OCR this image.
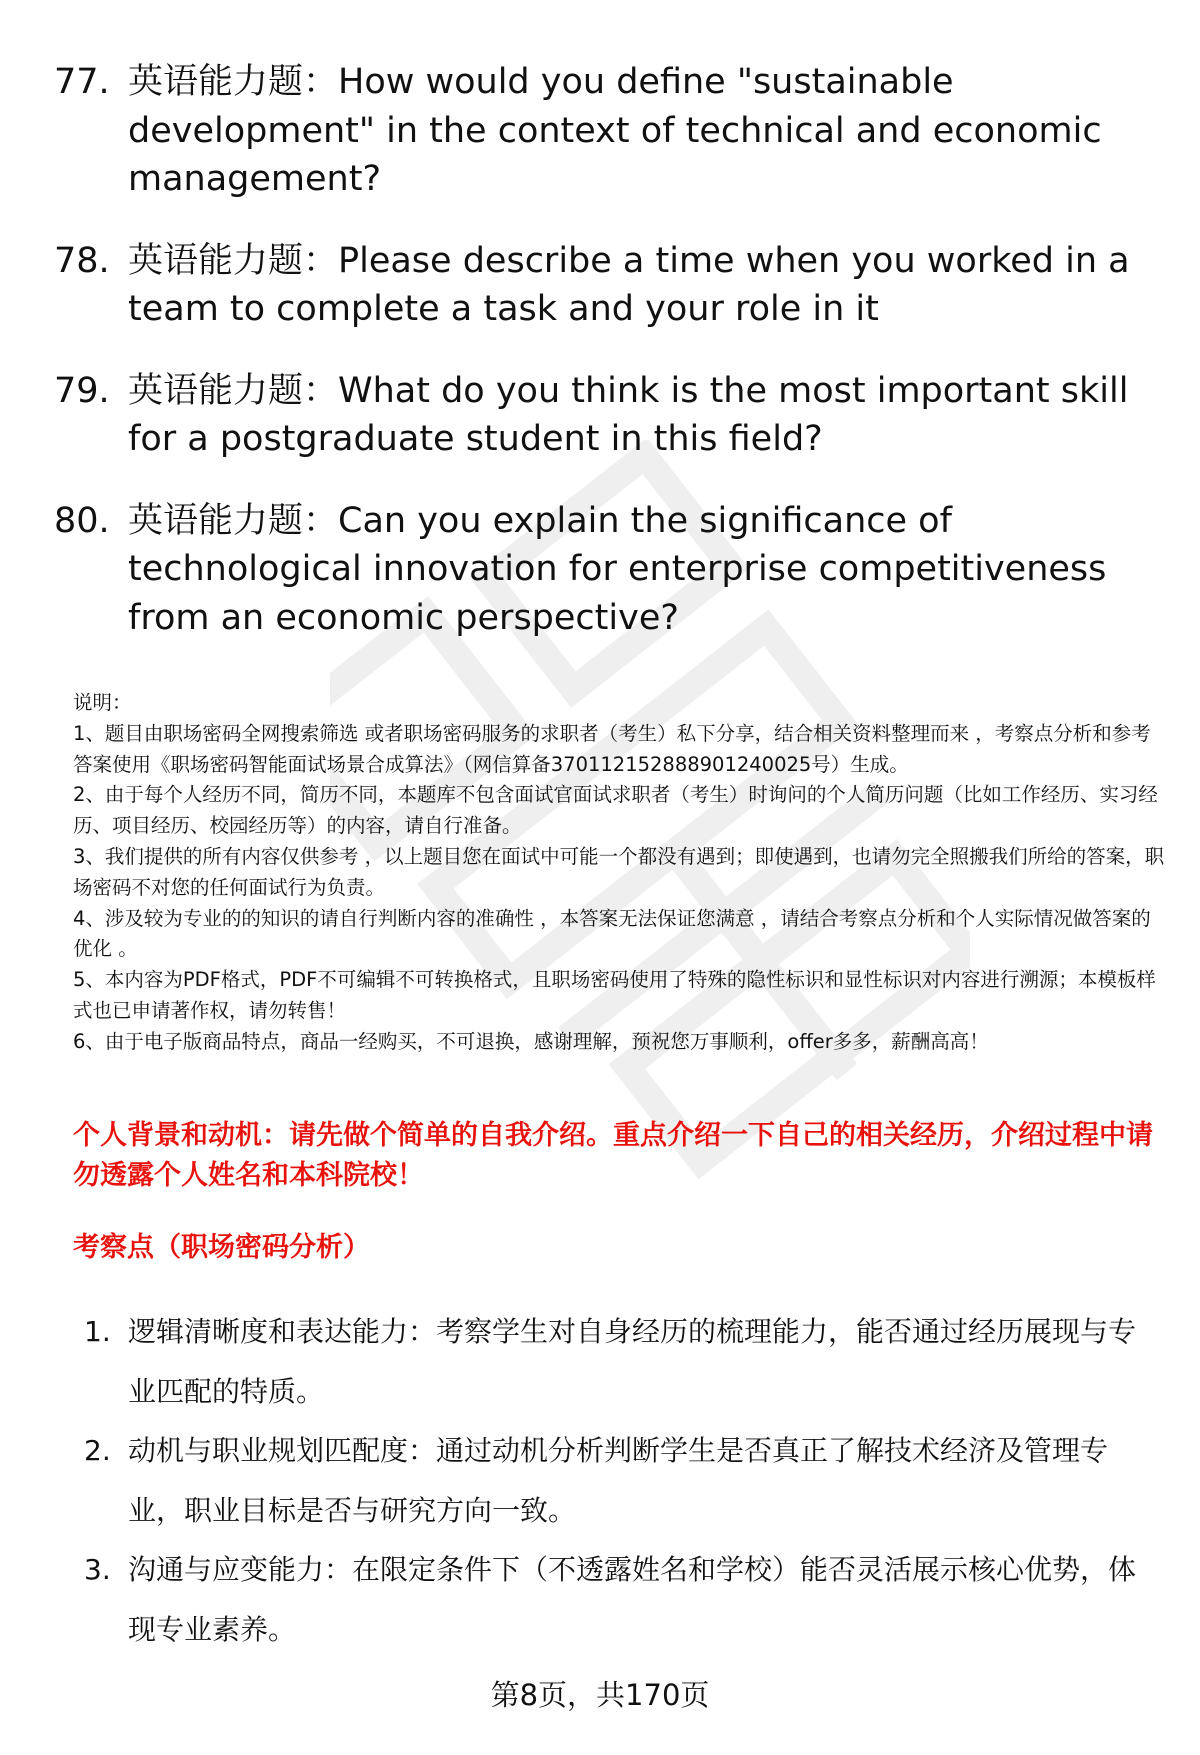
77. 英语能力题：How would you define "sustainable development" in the context of technical and economic management?
78. 英语能力题：Please describe a time when you worked in a team to complete a task and your role in it
79. 英语能力题：What do you think is the most important skill for a postgraduate student in this field?
80. 英语能力题：Can you explain the significance of technological innovation for enterprise competitiveness from an economic perspective?

说明：

1、题目由职场密码全网搜索筛选 或者职场密码服务的求职者（考生）私下分享，结合相关资料整理而来 ，考察点分析和参考答案使用《职场密码智能面试场景合成算法》（网信算备370112152888901240025号）生成。

2、由于每个人经历不同，简历不同，本题库不包含面试官面试求职者（考生）时询问的个人简历问题（比如工作经历、实习经历、项目经历、校园经历等）的内容，请自行准备。

3、我们提供的所有内容仅供参考 ，以上题目您在面试中可能一个都没有遇到；即使遇到，也请勿完全照搬我们所给的答案，职场密码不对您的任何面试行为负责。

4、涉及较为专业的的知识的请自行判断内容的准确性 ，本答案无法保证您满意 ，请结合考察点分析和个人实际情况做答案的优化 。

5、本内容为PDF格式，PDF不可编辑不可转换格式，且职场密码使用了特殊的隐性标识和显性标识对内容进行溯源；本模板样式也已申请著作权，请勿转售！

6、由于电子版商品特点，商品一经购买，不可退换，感谢理解，预祝您万事顺利，offer多多，薪酬高高！

个人背景和动机：请先做个简单的自我介绍。重点介绍一下自己的相关经历，介绍过程中请勿透露个人姓名和本科院校！
考察点（职场密码分析）
1. 逻辑清晰度和表达能力：考察学生对自身经历的梳理能力，能否通过经历展现与专业匹配的特质。
2. 动机与职业规划匹配度：通过动机分析判断学生是否真正了解技术经济及管理专业，职业目标是否与研究方向一致。
3. 沟通与应变能力：在限定条件下（不透露姓名和学校）能否灵活展示核心优势，体现专业素养。
第8页，共170页
